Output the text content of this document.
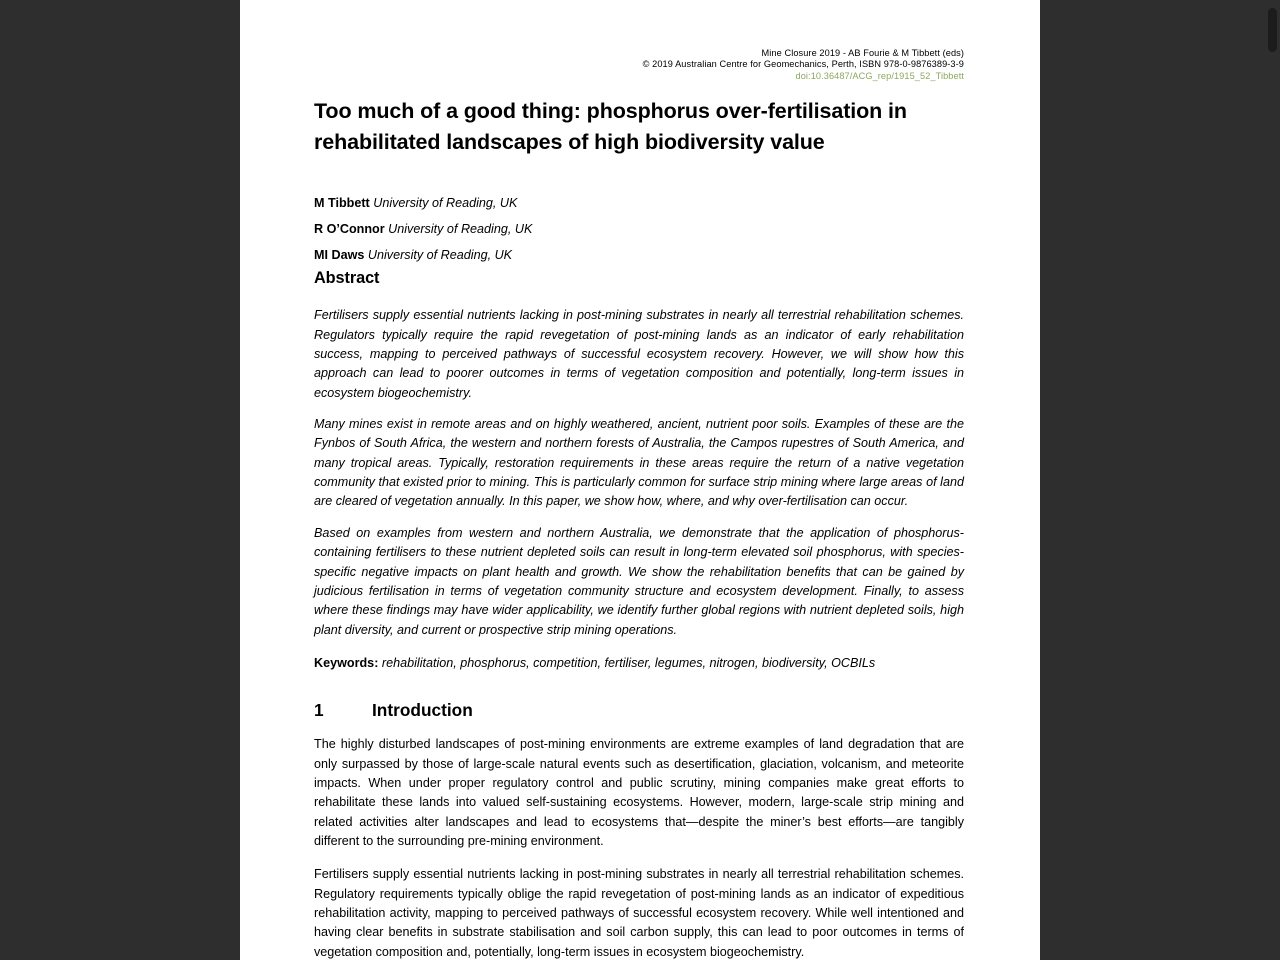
Mine Closure 2019 - AB Fourie & M Tibbett (eds)
© 2019 Australian Centre for Geomechanics, Perth, ISBN 978-0-9876389-3-9
doi:10.36487/ACG_rep/1915_52_Tibbett
Too much of a good thing: phosphorus over-fertilisation in rehabilitated landscapes of high biodiversity value
M Tibbett University of Reading, UK
R O’Connor University of Reading, UK
MI Daws University of Reading, UK
Abstract

Fertilisers supply essential nutrients lacking in post-mining substrates in nearly all terrestrial rehabilitation schemes. Regulators typically require the rapid revegetation of post-mining lands as an indicator of early rehabilitation success, mapping to perceived pathways of successful ecosystem recovery. However, we will show how this approach can lead to poorer outcomes in terms of vegetation composition and potentially, long-term issues in ecosystem biogeochemistry.

Many mines exist in remote areas and on highly weathered, ancient, nutrient poor soils. Examples of these are the Fynbos of South Africa, the western and northern forests of Australia, the Campos rupestres of South America, and many tropical areas. Typically, restoration requirements in these areas require the return of a native vegetation community that existed prior to mining. This is particularly common for surface strip mining where large areas of land are cleared of vegetation annually. In this paper, we show how, where, and why over-fertilisation can occur.

Based on examples from western and northern Australia, we demonstrate that the application of phosphorus-containing fertilisers to these nutrient depleted soils can result in long-term elevated soil phosphorus, with species-specific negative impacts on plant health and growth. We show the rehabilitation benefits that can be gained by judicious fertilisation in terms of vegetation community structure and ecosystem development. Finally, to assess where these findings may have wider applicability, we identify further global regions with nutrient depleted soils, high plant diversity, and current or prospective strip mining operations.

Keywords: rehabilitation, phosphorus, competition, fertiliser, legumes, nitrogen, biodiversity, OCBILs

1	Introduction

The highly disturbed landscapes of post-mining environments are extreme examples of land degradation that are only surpassed by those of large-scale natural events such as desertification, glaciation, volcanism, and meteorite impacts. When under proper regulatory control and public scrutiny, mining companies make great efforts to rehabilitate these lands into valued self-sustaining ecosystems. However, modern, large-scale strip mining and related activities alter landscapes and lead to ecosystems that—despite the miner’s best efforts—are tangibly different to the surrounding pre-mining environment.

Fertilisers supply essential nutrients lacking in post-mining substrates in nearly all terrestrial rehabilitation schemes. Regulatory requirements typically oblige the rapid revegetation of post-mining lands as an indicator of expeditious rehabilitation activity, mapping to perceived pathways of successful ecosystem recovery. While well intentioned and having clear benefits in substrate stabilisation and soil carbon supply, this can lead to poor outcomes in terms of vegetation composition and, potentially, long-term issues in ecosystem biogeochemistry.
